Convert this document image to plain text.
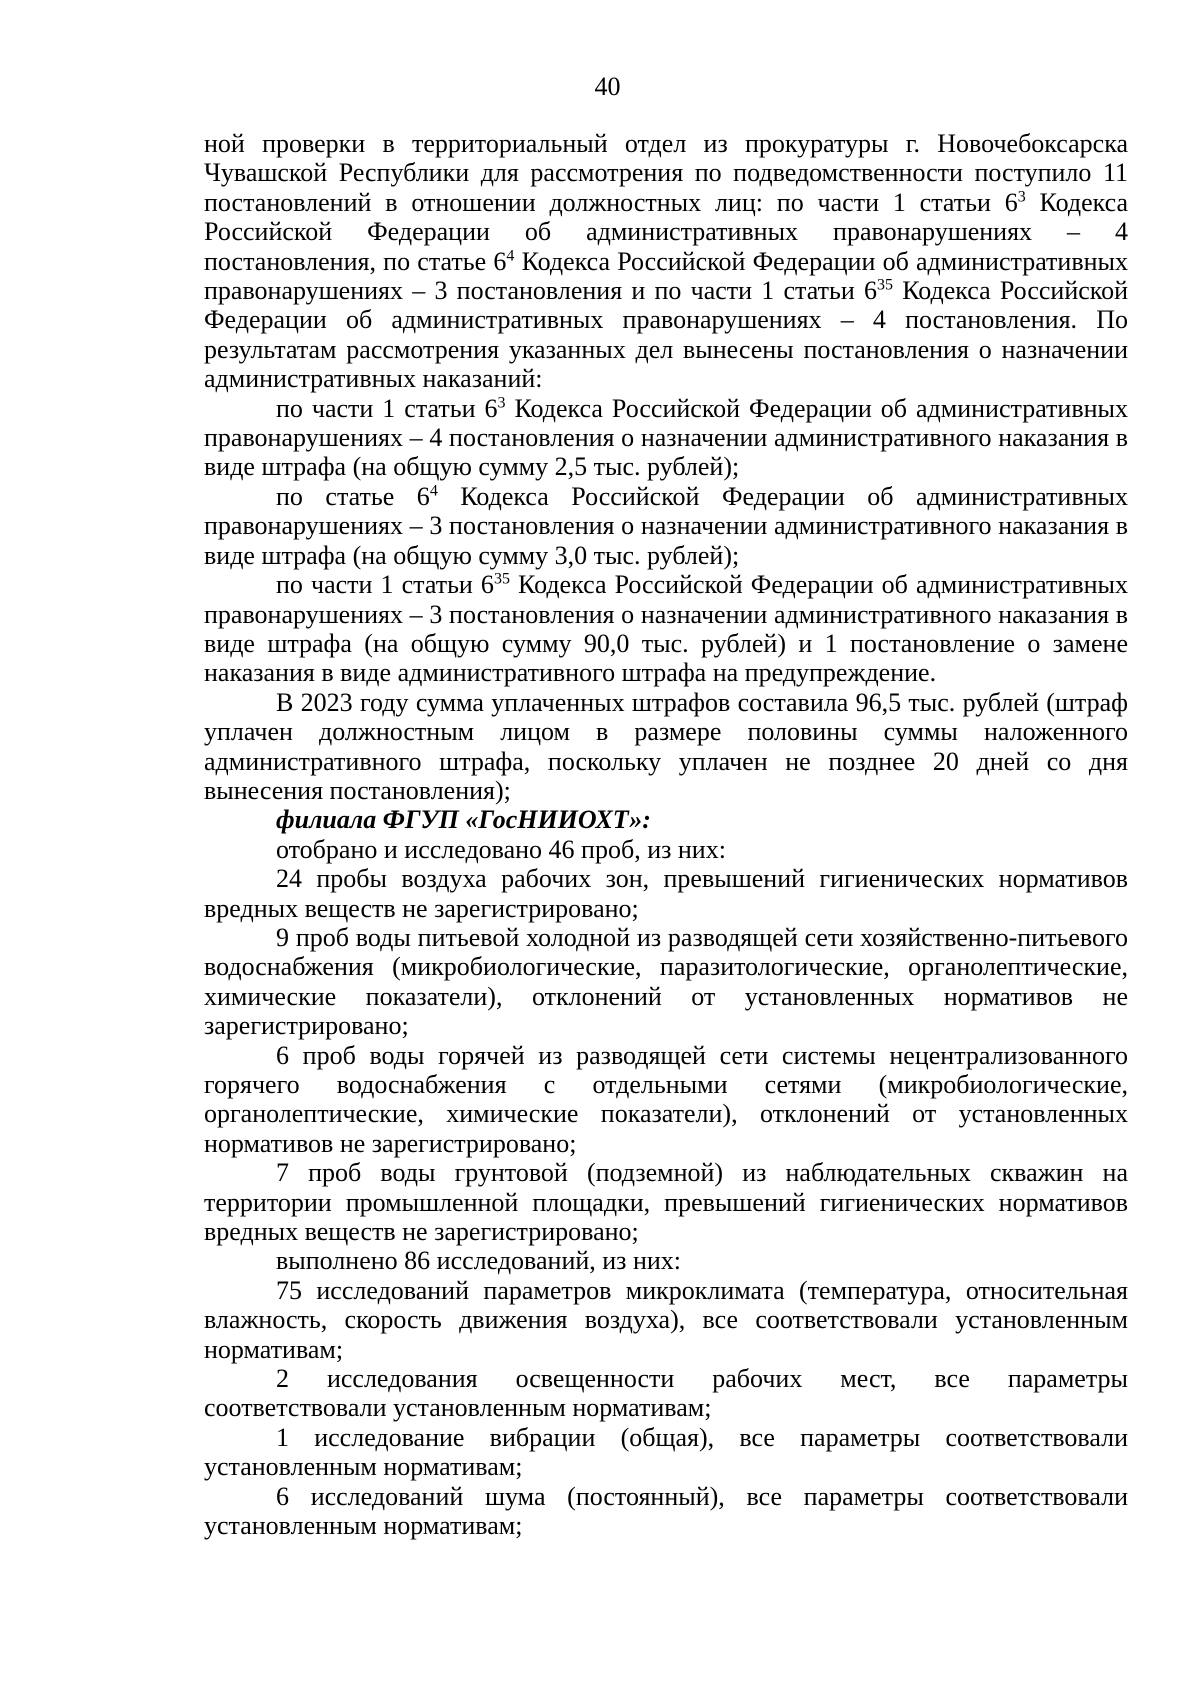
40

ной проверки в территориальный отдел из прокуратуры г. Новочебоксарска Чувашской Республики для рассмотрения по подведомственности поступило 11 постановлений в отношении должностных лиц: по части 1 статьи $6^3$ Кодекса Российской Федерации об административных правонарушениях – 4 постановления, по статье $6^4$ Кодекса Российской Федерации об административных правонарушениях – 3 постановления и по части 1 статьи $6^{35}$ Кодекса Российской Федерации об административных правонарушениях – 4 постановления. По результатам рассмотрения указанных дел вынесены постановления о назначении административных наказаний:

по части 1 статьи $6^3$ Кодекса Российской Федерации об административных правонарушениях – 4 постановления о назначении административного наказания в виде штрафа (на общую сумму 2,5 тыс. рублей);

по статье $6^4$ Кодекса Российской Федерации об административных правонарушениях – 3 постановления о назначении административного наказания в виде штрафа (на общую сумму 3,0 тыс. рублей);

по части 1 статьи $6^{35}$ Кодекса Российской Федерации об административных правонарушениях – 3 постановления о назначении административного наказания в виде штрафа (на общую сумму 90,0 тыс. рублей) и 1 постановление о замене наказания в виде административного штрафа на предупреждение.

В 2023 году сумма уплаченных штрафов составила 96,5 тыс. рублей (штраф уплачен должностным лицом в размере половины суммы наложенного административного штрафа, поскольку уплачен не позднее 20 дней со дня вынесения постановления);

филиала ФГУП «ГосНИИОХТ»:

отобрано и исследовано 46 проб, из них:

24 пробы воздуха рабочих зон, превышений гигиенических нормативов вредных веществ не зарегистрировано;

9 проб воды питьевой холодной из разводящей сети хозяйственно-питьевого водоснабжения (микробиологические, паразитологические, органолептические, химические показатели), отклонений от установленных нормативов не зарегистрировано;

6 проб воды горячей из разводящей сети системы нецентрализованного горячего водоснабжения с отдельными сетями (микробиологические, органолептические, химические показатели), отклонений от установленных нормативов не зарегистрировано;

7 проб воды грунтовой (подземной) из наблюдательных скважин на территории промышленной площадки, превышений гигиенических нормативов вредных веществ не зарегистрировано;

выполнено 86 исследований, из них:

75 исследований параметров микроклимата (температура, относительная влажность, скорость движения воздуха), все соответствовали установленным нормативам;

2 исследования освещенности рабочих мест, все параметры соответствовали установленным нормативам;

1 исследование вибрации (общая), все параметры соответствовали установленным нормативам;

6 исследований шума (постоянный), все параметры соответствовали установленным нормативам;
